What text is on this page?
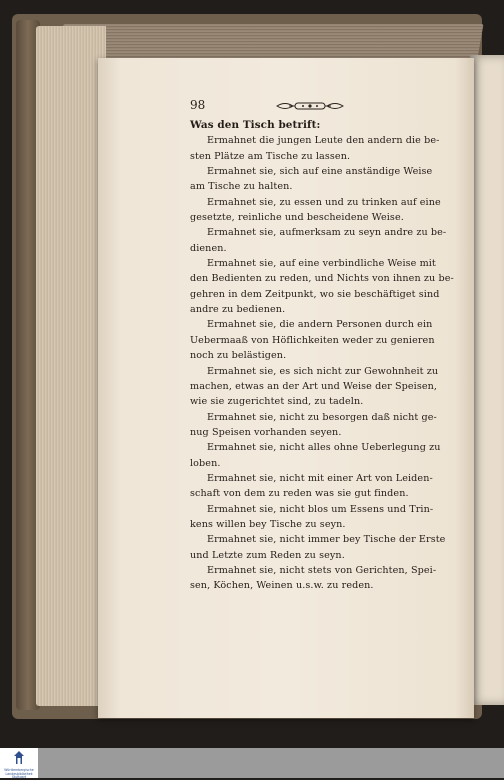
98
Was den Tisch betrift:
Ermahnet die jungen Leute den andern die be-
sten Plätze am Tische zu lassen.
Ermahnet sie, sich auf eine anständige Weise
am Tische zu halten.
Ermahnet sie, zu essen und zu trinken auf eine
gesetzte, reinliche und bescheidene Weise.
Ermahnet sie, aufmerksam zu seyn andre zu be-
dienen.
Ermahnet sie, auf eine verbindliche Weise mit
den Bedienten zu reden, und Nichts von ihnen zu be-
gehren in dem Zeitpunkt, wo sie beschäftiget sind
andre zu bedienen.
Ermahnet sie, die andern Personen durch ein
Uebermaaß von Höflichkeiten weder zu genieren
noch zu belästigen.
Ermahnet sie, es sich nicht zur Gewohnheit zu
machen, etwas an der Art und Weise der Speisen,
wie sie zugerichtet sind, zu tadeln.
Ermahnet sie, nicht zu besorgen daß nicht ge-
nug Speisen vorhanden seyen.
Ermahnet sie, nicht alles ohne Ueberlegung zu
loben.
Ermahnet sie, nicht mit einer Art von Leiden-
schaft von dem zu reden was sie gut finden.
Ermahnet sie, nicht blos um Essens und Trin-
kens willen bey Tische zu seyn.
Ermahnet sie, nicht immer bey Tische der Erste
und Letzte zum Reden zu seyn.
Ermahnet sie, nicht stets von Gerichten, Spei-
sen, Köchen, Weinen u.s.w. zu reden.
Württembergische Landesbibliothek Stuttgart
